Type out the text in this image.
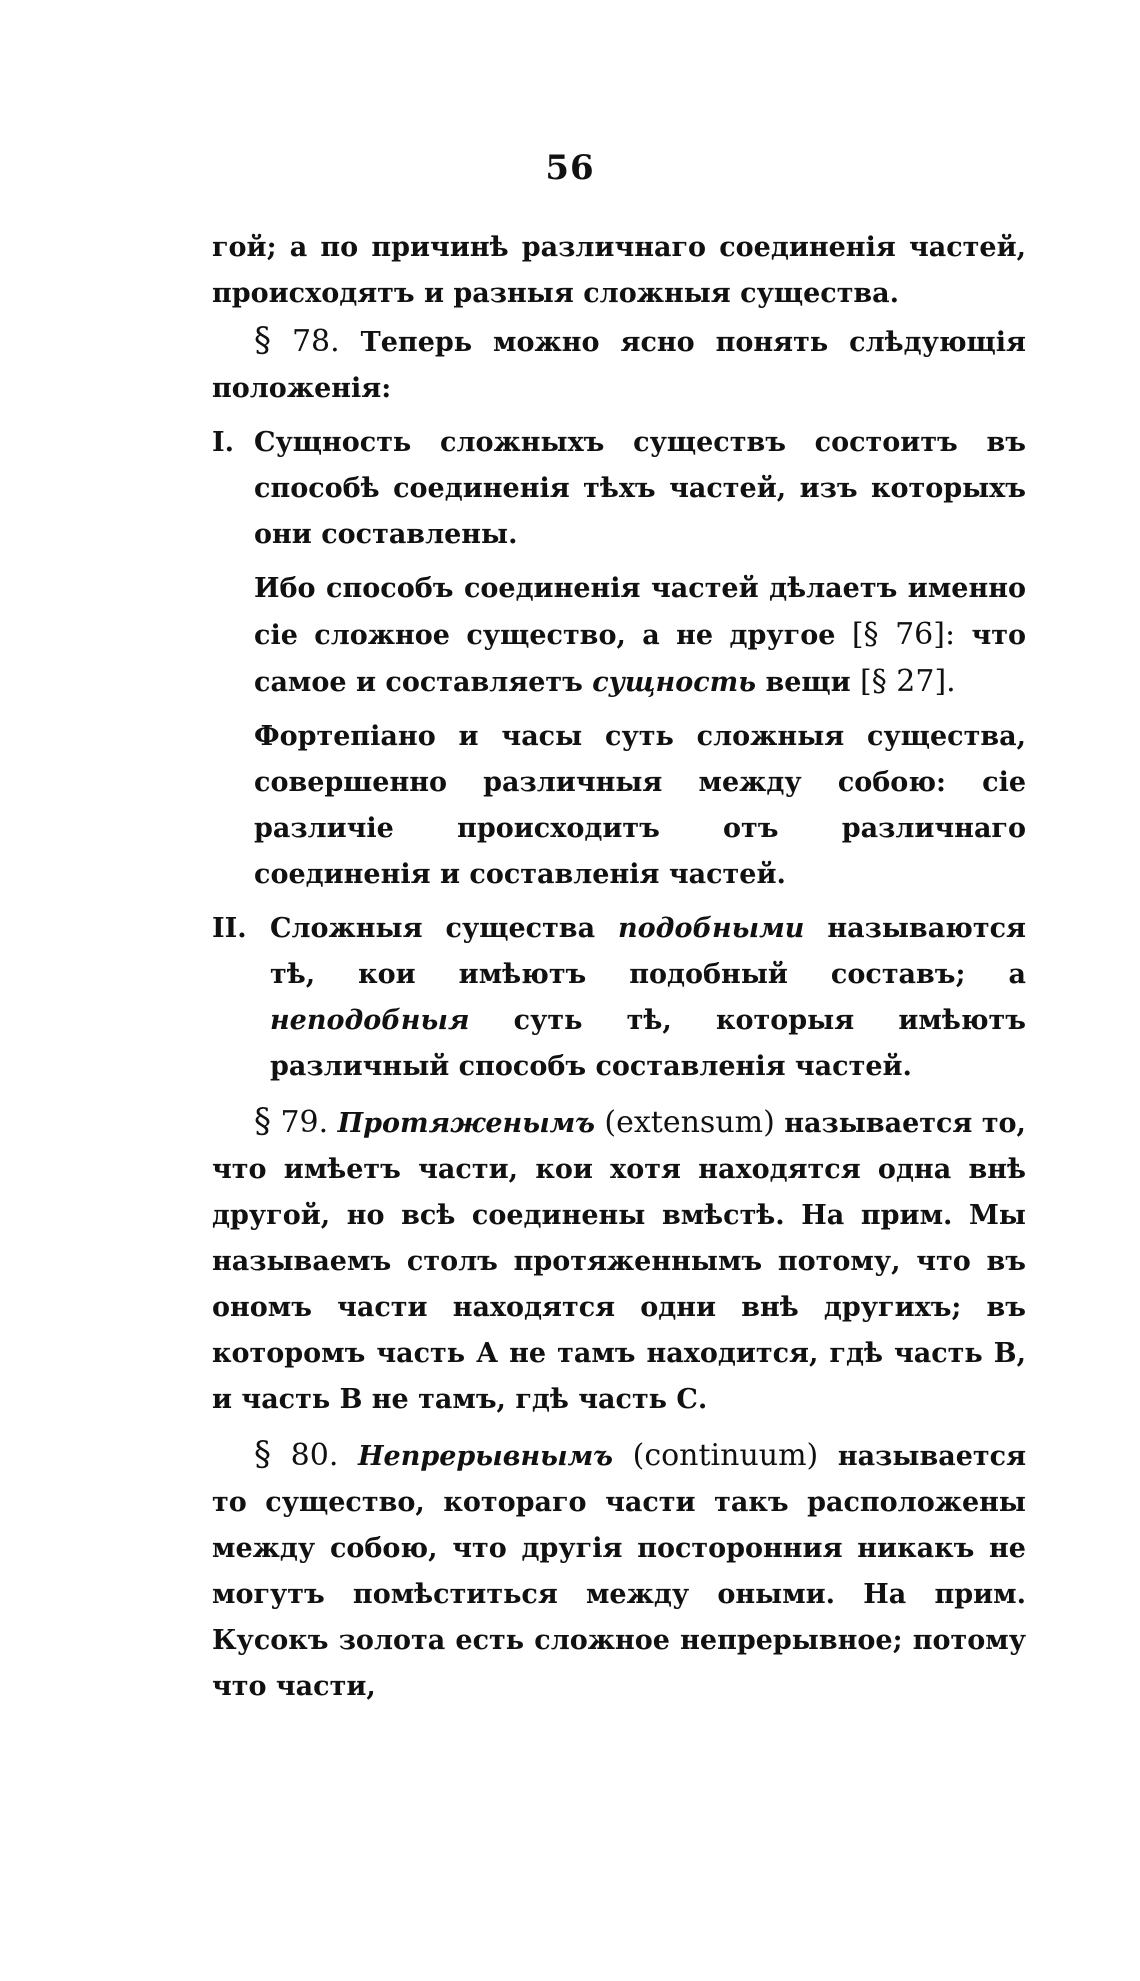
56

гой; а по причинѣ различнаго соединенія частей, происходятъ и разныя сложныя существа.

§ 78. Теперь можно ясно понять слѣдующія положенія:

I. Сущность сложныхъ существъ состоитъ въ способѣ соединенія тѣхъ частей, изъ которыхъ они составлены.

Ибо способъ соединенія частей дѣлаетъ именно сіе сложное существо, а не другое [§ 76]: что самое и составляетъ сущность вещи [§ 27].

Фортепіано и часы суть сложныя существа, совершенно различныя между собою: сіе различіе происходитъ отъ различнаго соединенія и составленія частей.

II. Сложныя существа подобными называются тѣ, кои имѣютъ подобный составъ; а неподобныя суть тѣ, которыя имѣютъ различный способъ составленія частей.

§ 79. Протяженымъ (extensum) называется то, что имѣетъ части, кои хотя находятся одна внѣ другой, но всѣ соединены вмѣстѣ. На прим. Мы называемъ столъ протяженнымъ потому, что въ ономъ части находятся одни внѣ другихъ; въ которомъ часть А не тамъ находится, гдѣ часть В, и часть В не тамъ, гдѣ часть С.

§ 80. Непрерывнымъ (continuum) называется то существо, котораго части такъ расположены между собою, что другія посторонния никакъ не могутъ помѣститься между оными. На прим. Кусокъ золота есть сложное непрерывное; потому что части,
